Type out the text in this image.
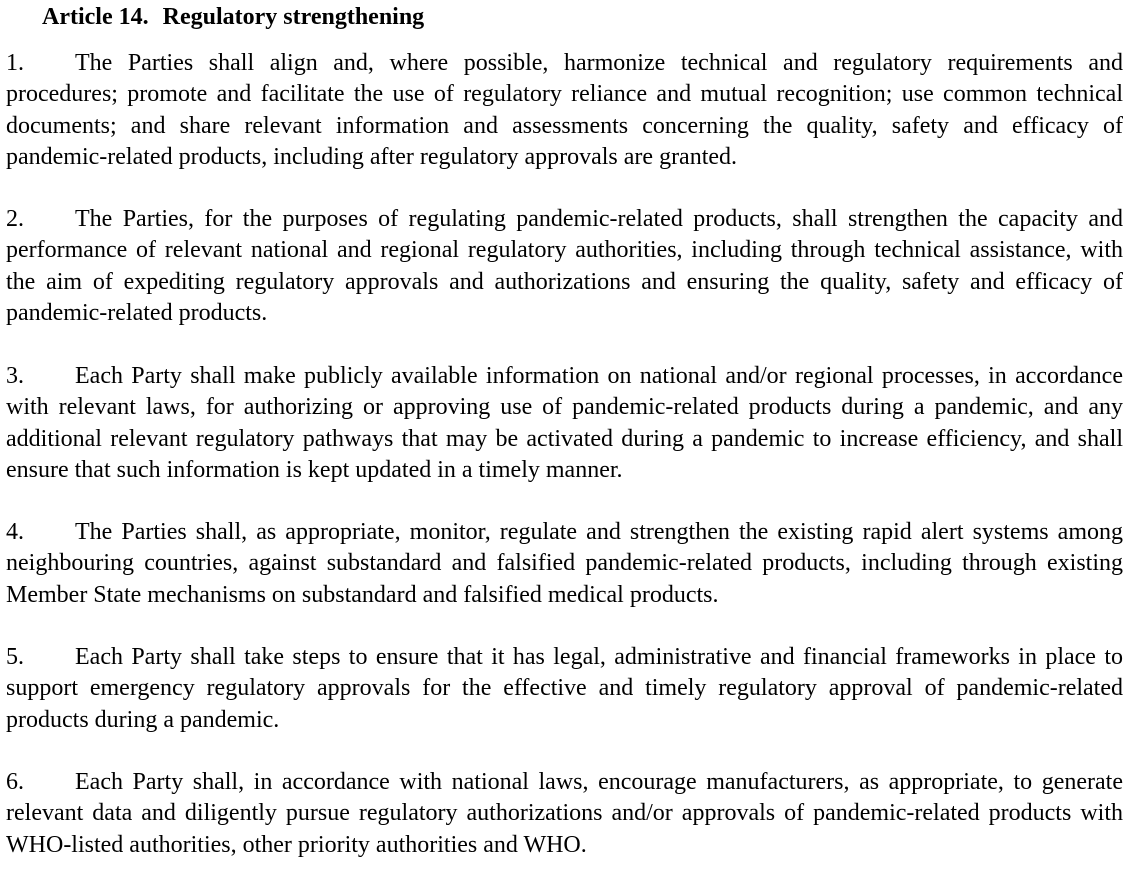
Article 14. Regulatory strengthening
1. The Parties shall align and, where possible, harmonize technical and regulatory requirements and procedures; promote and facilitate the use of regulatory reliance and mutual recognition; use common technical documents; and share relevant information and assessments concerning the quality, safety and efficacy of pandemic-related products, including after regulatory approvals are granted.
2. The Parties, for the purposes of regulating pandemic-related products, shall strengthen the capacity and performance of relevant national and regional regulatory authorities, including through technical assistance, with the aim of expediting regulatory approvals and authorizations and ensuring the quality, safety and efficacy of pandemic-related products.
3. Each Party shall make publicly available information on national and/or regional processes, in accordance with relevant laws, for authorizing or approving use of pandemic-related products during a pandemic, and any additional relevant regulatory pathways that may be activated during a pandemic to increase efficiency, and shall ensure that such information is kept updated in a timely manner.
4. The Parties shall, as appropriate, monitor, regulate and strengthen the existing rapid alert systems among neighbouring countries, against substandard and falsified pandemic-related products, including through existing Member State mechanisms on substandard and falsified medical products.
5. Each Party shall take steps to ensure that it has legal, administrative and financial frameworks in place to support emergency regulatory approvals for the effective and timely regulatory approval of pandemic-related products during a pandemic.
6. Each Party shall, in accordance with national laws, encourage manufacturers, as appropriate, to generate relevant data and diligently pursue regulatory authorizations and/or approvals of pandemic-related products with WHO-listed authorities, other priority authorities and WHO.
